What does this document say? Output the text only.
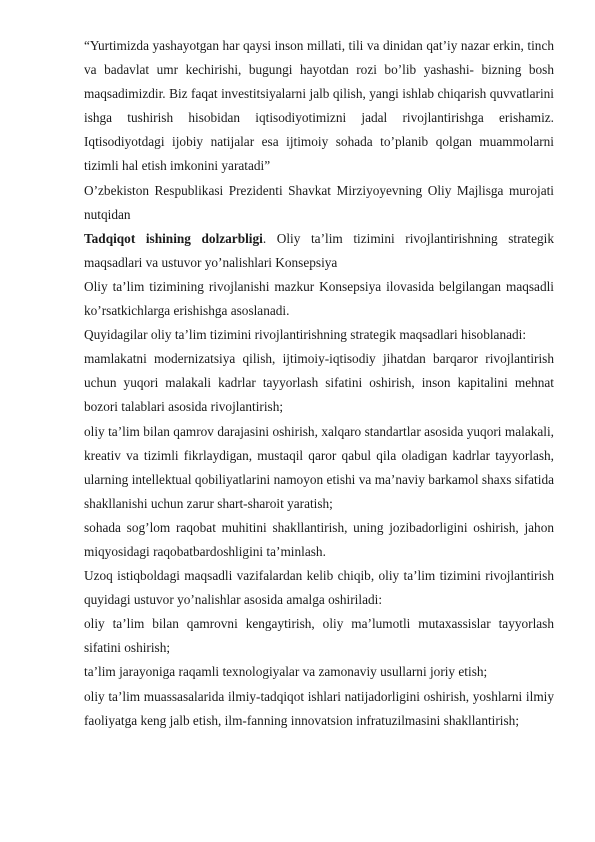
“Yurtimizda yashayotgan har qaysi inson millati, tili va dinidan qat’iy nazar erkin, tinch va badavlat umr kechirishi, bugungi hayotdan rozi bo’lib yashashi- bizning bosh maqsadimizdir. Biz faqat investitsiyalarni jalb qilish, yangi ishlab chiqarish quvvatlarini ishga tushirish hisobidan iqtisodiyotimizni jadal rivojlantirishga erishamiz. Iqtisodiyotdagi ijobiy natijalar esa ijtimoiy sohada to’planib qolgan muammolarni tizimli hal etish imkonini yaratadi”

O’zbekiston Respublikasi Prezidenti Shavkat Mirziyoyevning Oliy Majlisga murojati nutqidan

Tadqiqot ishining dolzarbligi. Oliy ta’lim tizimini rivojlantirishning strategik maqsadlari va ustuvor yo’nalishlari Konsepsiya

Oliy ta’lim tizimining rivojlanishi mazkur Konsepsiya ilovasida belgilangan maqsadli ko’rsatkichlarga erishishga asoslanadi.

Quyidagilar oliy ta’lim tizimini rivojlantirishning strategik maqsadlari hisoblanadi:

mamlakatni modernizatsiya qilish, ijtimoiy-iqtisodiy jihatdan barqaror rivojlantirish uchun yuqori malakali kadrlar tayyorlash sifatini oshirish, inson kapitalini mehnat bozori talablari asosida rivojlantirish;

oliy ta’lim bilan qamrov darajasini oshirish, xalqaro standartlar asosida yuqori malakali, kreativ va tizimli fikrlaydigan, mustaqil qaror qabul qila oladigan kadrlar tayyorlash, ularning intellektual qobiliyatlarini namoyon etishi va ma’naviy barkamol shaxs sifatida shakllanishi uchun zarur shart-sharoit yaratish;

sohada sog’lom raqobat muhitini shakllantirish, uning jozibadorligini oshirish, jahon miqyosidagi raqobatbardoshligini ta’minlash.

Uzoq istiqboldagi maqsadli vazifalardan kelib chiqib, oliy ta’lim tizimini rivojlantirish quyidagi ustuvor yo’nalishlar asosida amalga oshiriladi:

oliy ta’lim bilan qamrovni kengaytirish, oliy ma’lumotli mutaxassislar tayyorlash sifatini oshirish;

ta’lim jarayoniga raqamli texnologiyalar va zamonaviy usullarni joriy etish;

oliy ta’lim muassasalarida ilmiy-tadqiqot ishlari natijadorligini oshirish, yoshlarni ilmiy faoliyatga keng jalb etish, ilm-fanning innovatsion infratuzilmasini shakllantirish;
